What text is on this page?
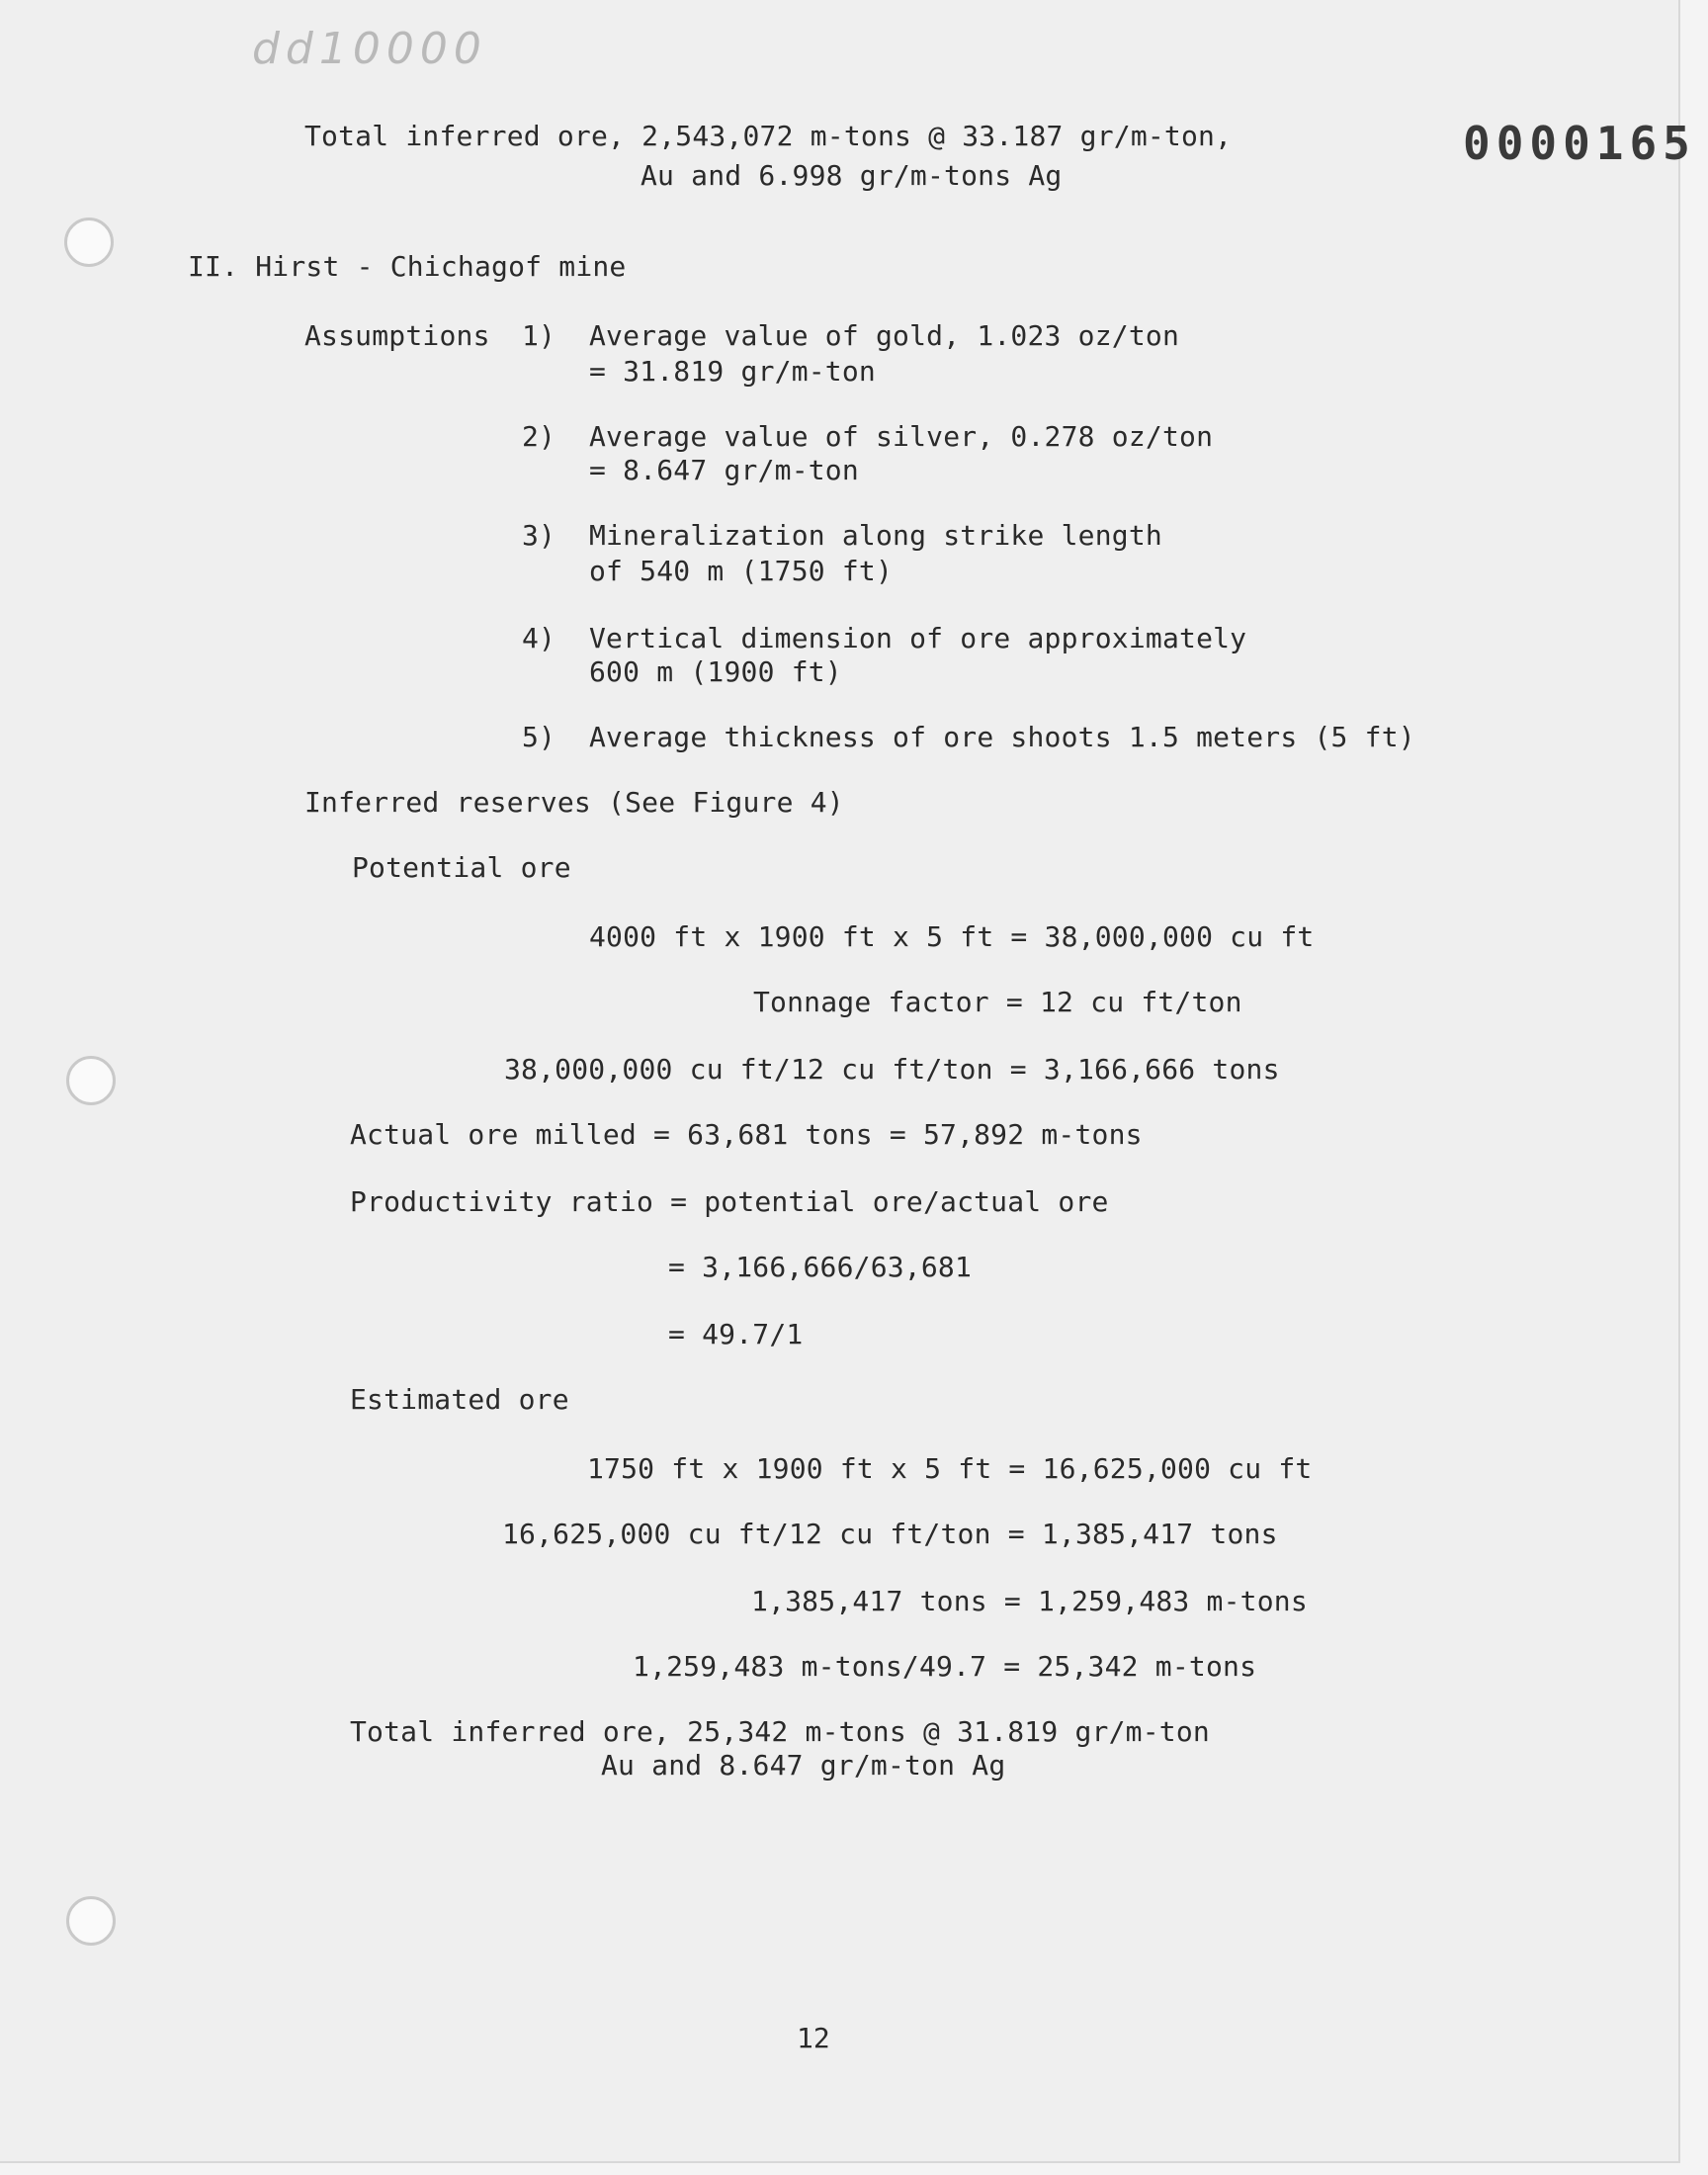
dd10000
0000165
Total inferred ore, 2,543,072 m-tons @ 33.187 gr/m-ton,
Au and 6.998 gr/m-tons Ag
II. Hirst - Chichagof mine
Assumptions 1) Average value of gold, 1.023 oz/ton
= 31.819 gr/m-ton
2) Average value of silver, 0.278 oz/ton
= 8.647 gr/m-ton
3) Mineralization along strike length
of 540 m (1750 ft)
4) Vertical dimension of ore approximately
600 m (1900 ft)
5) Average thickness of ore shoots 1.5 meters (5 ft)
Inferred reserves (See Figure 4)
Potential ore
4000 ft x 1900 ft x 5 ft = 38,000,000 cu ft
Tonnage factor = 12 cu ft/ton
38,000,000 cu ft/12 cu ft/ton = 3,166,666 tons
Actual ore milled = 63,681 tons = 57,892 m-tons
Productivity ratio = potential ore/actual ore
= 3,166,666/63,681
= 49.7/1
Estimated ore
1750 ft x 1900 ft x 5 ft = 16,625,000 cu ft
16,625,000 cu ft/12 cu ft/ton = 1,385,417 tons
1,385,417 tons = 1,259,483 m-tons
1,259,483 m-tons/49.7 = 25,342 m-tons
Total inferred ore, 25,342 m-tons @ 31.819 gr/m-ton
Au and 8.647 gr/m-ton Ag
12
